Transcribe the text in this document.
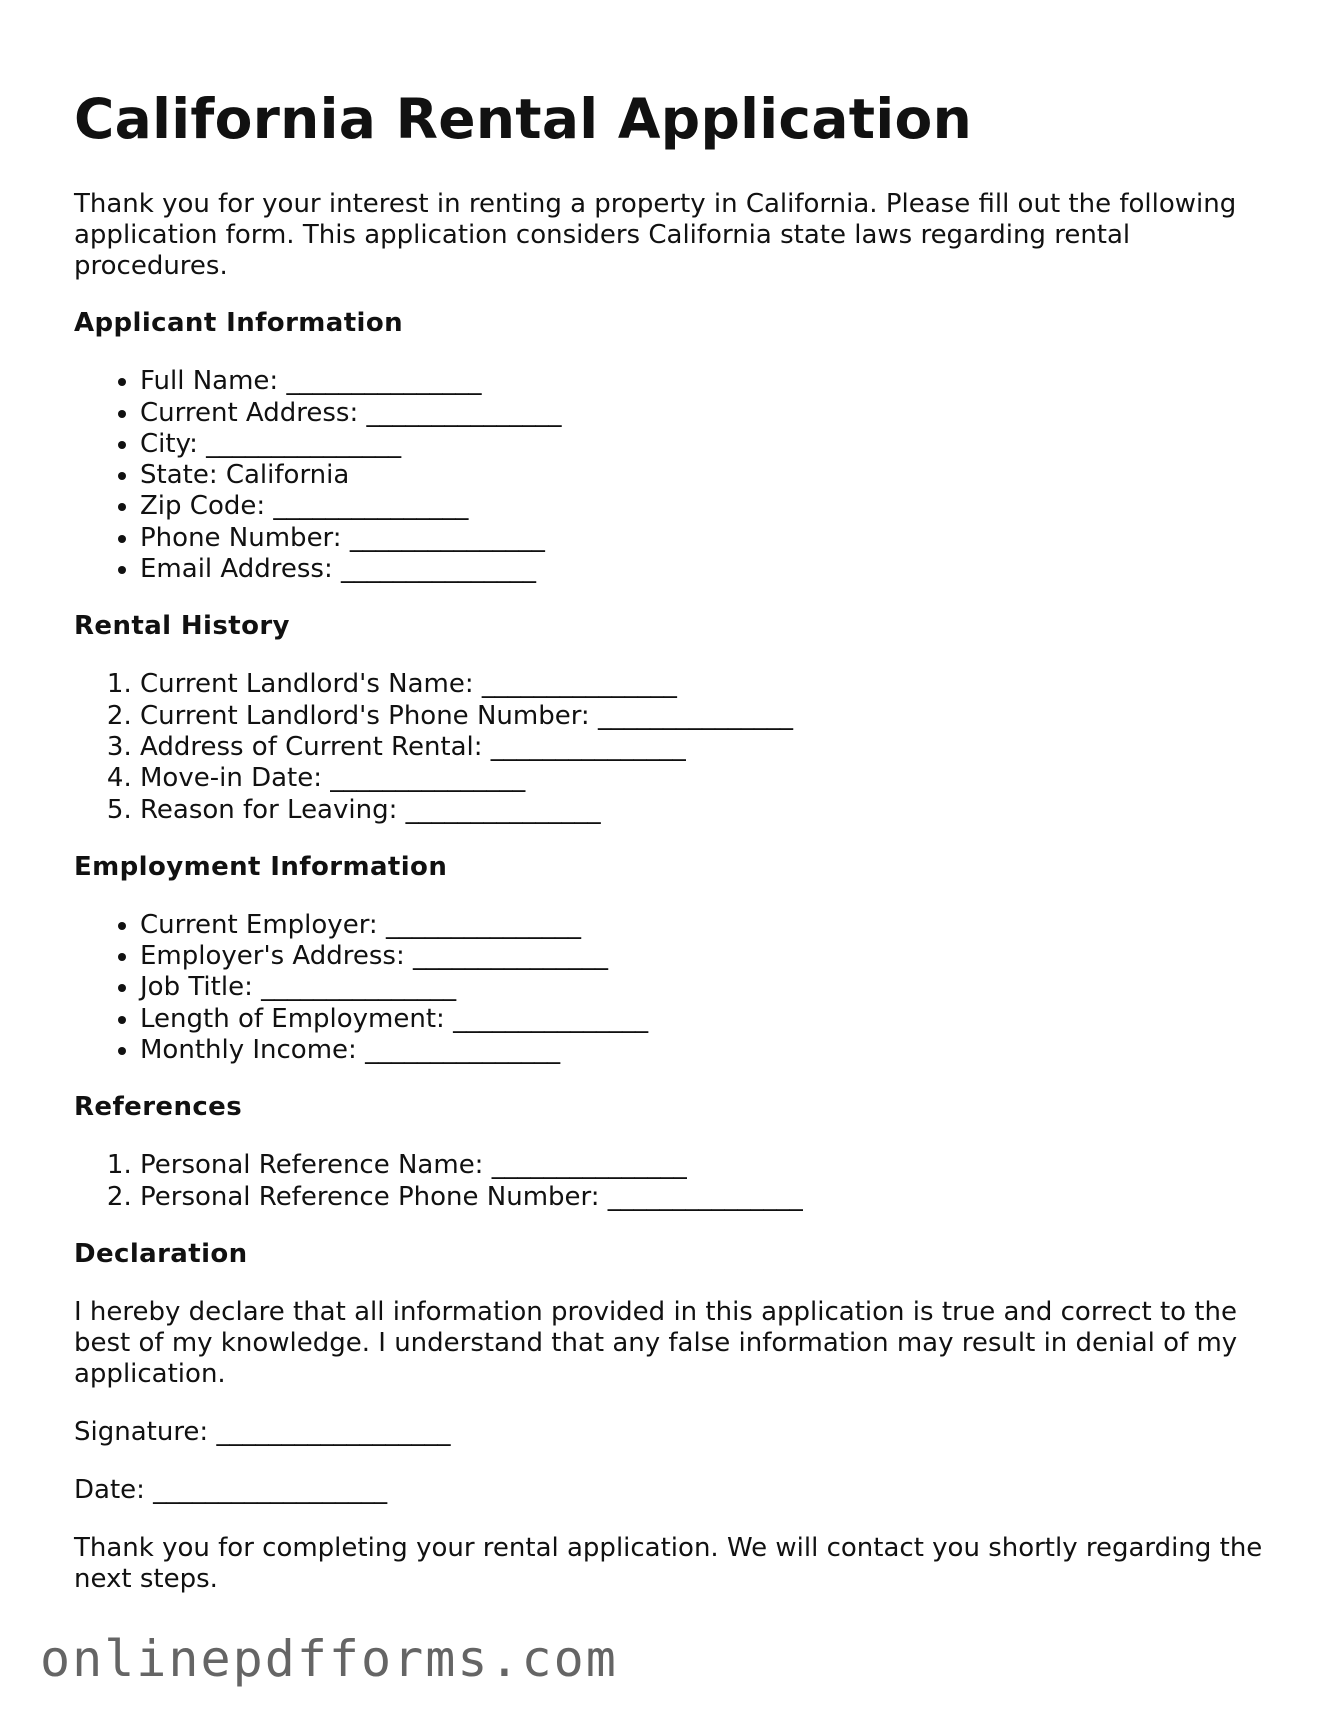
California Rental Application

Thank you for your interest in renting a property in California. Please fill out the following application form. This application considers California state laws regarding rental procedures.

Applicant Information
• Full Name: _______________
• Current Address: _______________
• City: _______________
• State: California
• Zip Code: _______________
• Phone Number: _______________
• Email Address: _______________
Rental History
1. Current Landlord's Name: _______________
2. Current Landlord's Phone Number: _______________
3. Address of Current Rental: _______________
4. Move-in Date: _______________
5. Reason for Leaving: _______________
Employment Information
• Current Employer: _______________
• Employer's Address: _______________
• Job Title: _______________
• Length of Employment: _______________
• Monthly Income: _______________
References
1. Personal Reference Name: _______________
2. Personal Reference Phone Number: _______________
Declaration

I hereby declare that all information provided in this application is true and correct to the best of my knowledge. I understand that any false information may result in denial of my application.

Signature: __________________

Date: __________________

Thank you for completing your rental application. We will contact you shortly regarding the next steps.

onlinepdfforms.com
